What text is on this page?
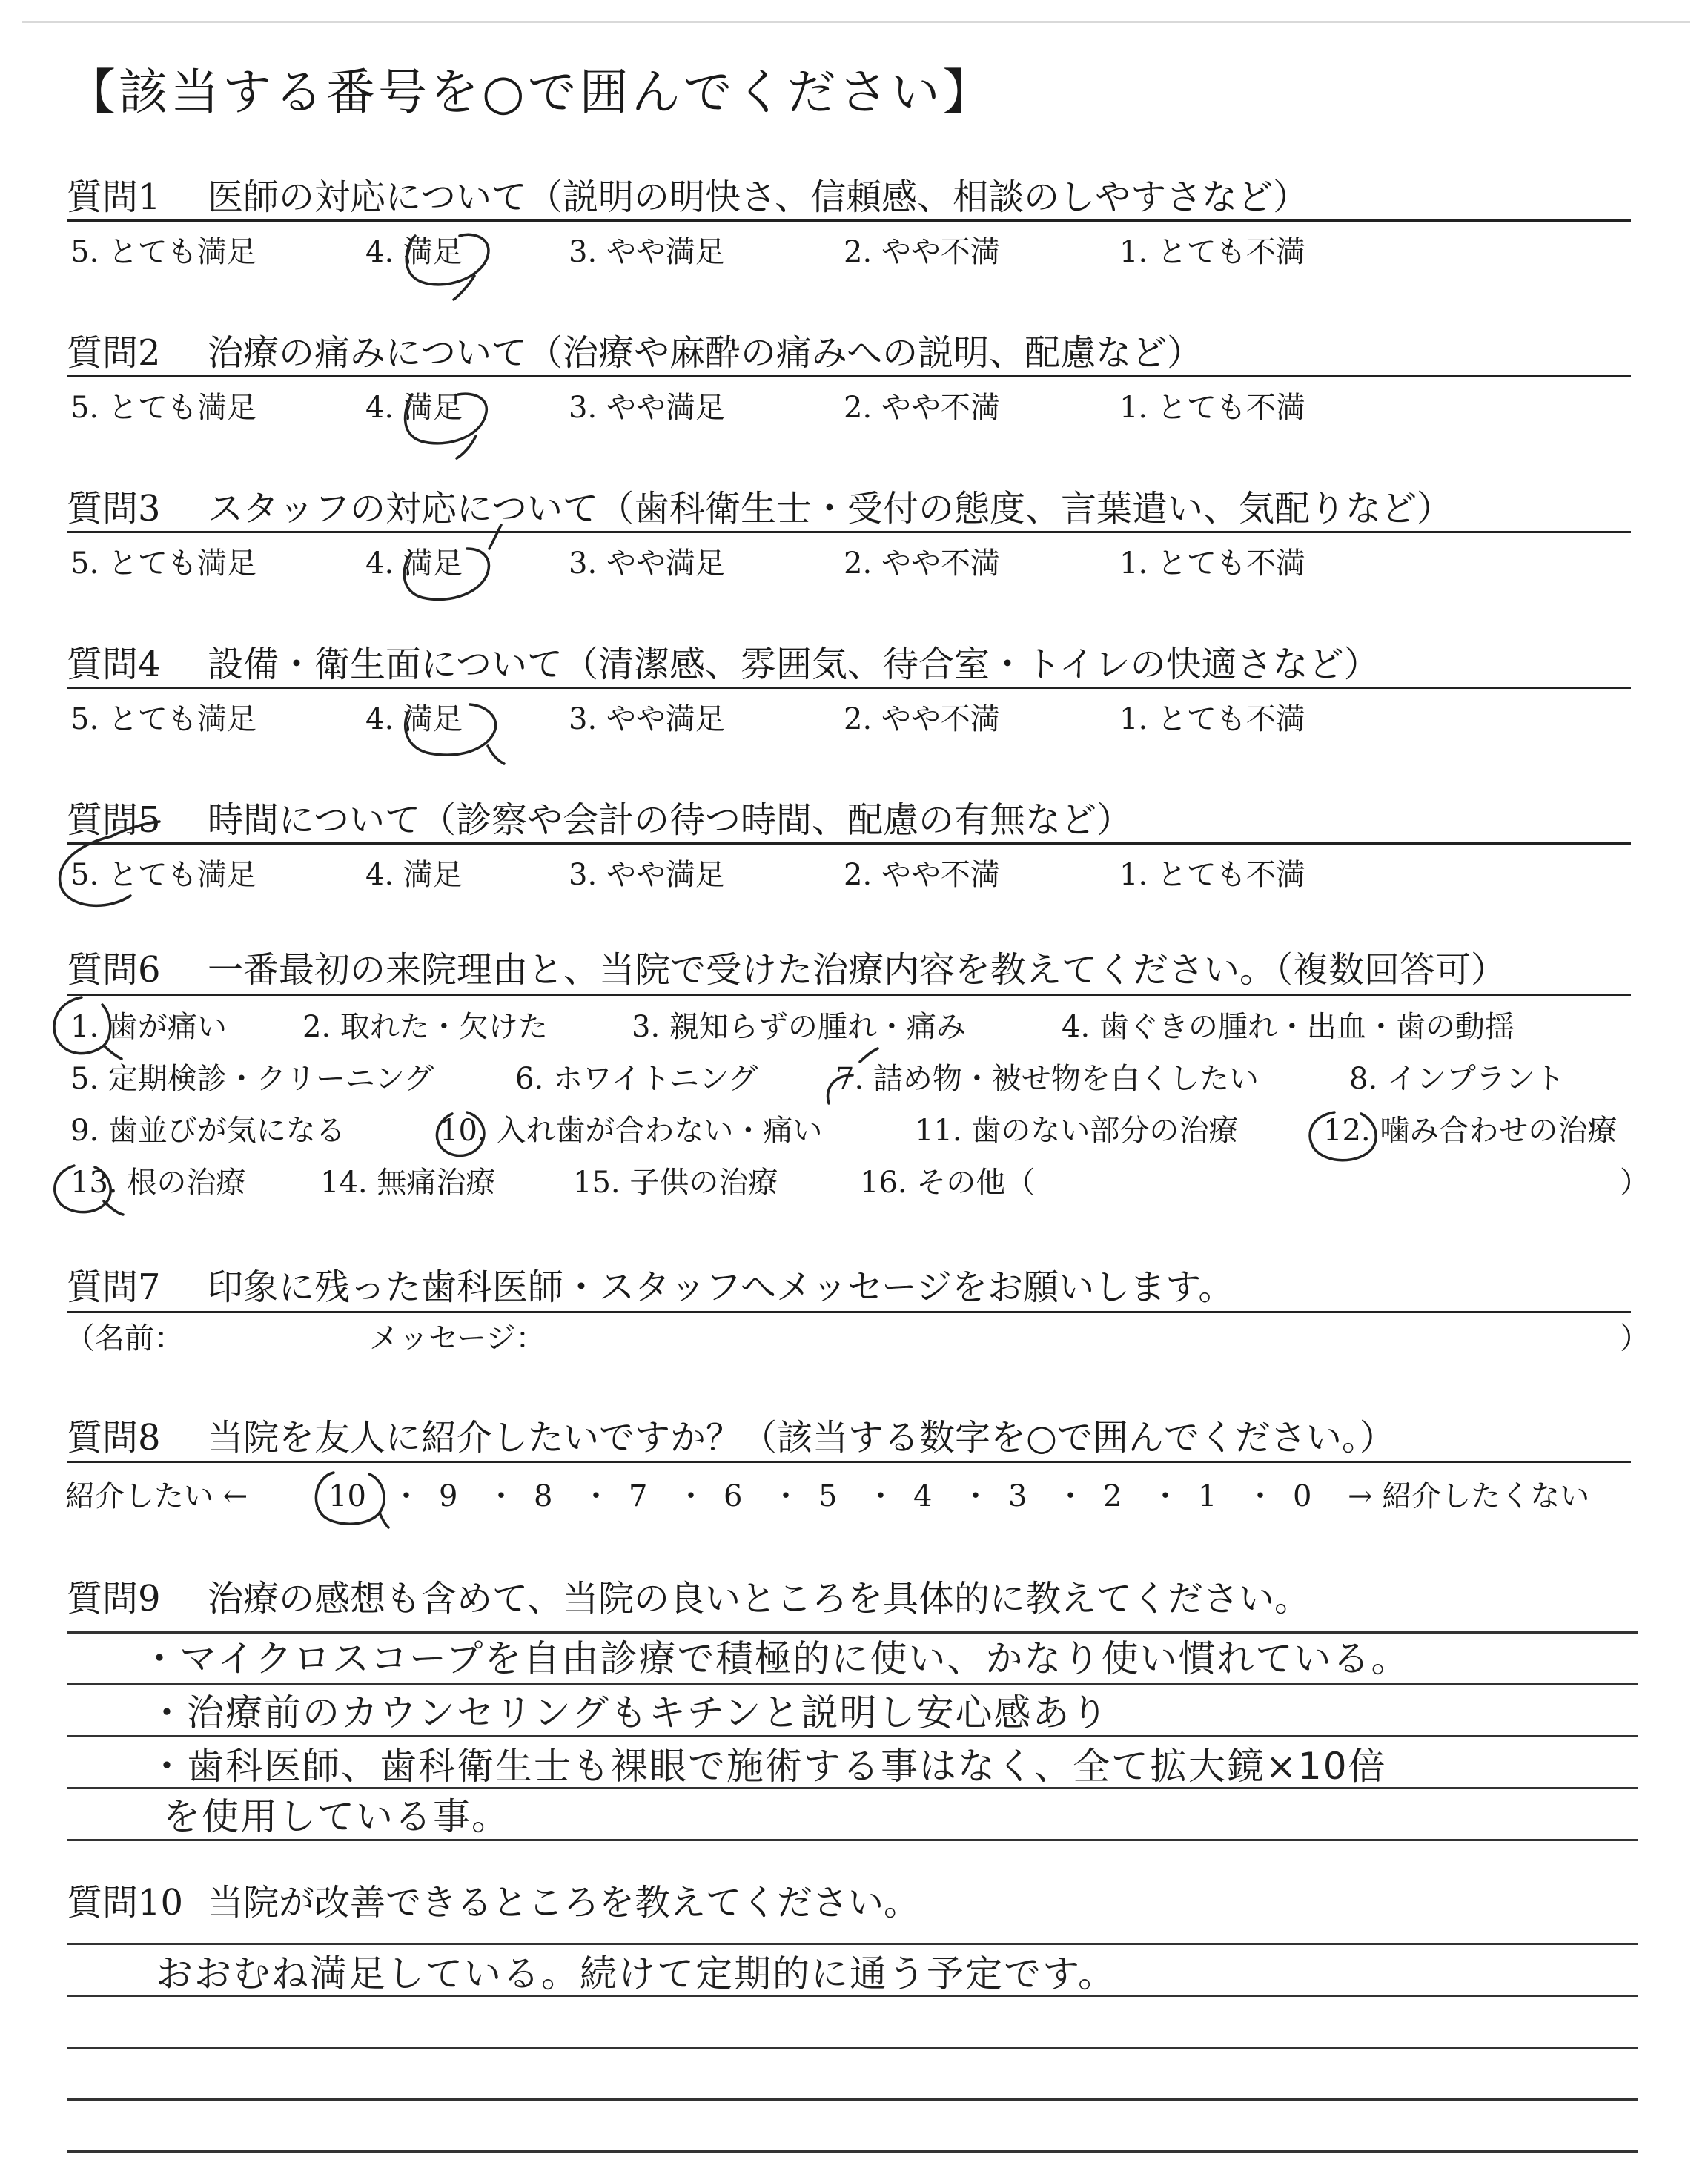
【該当する番号を○で囲んでください】
質問1 医師の対応について（説明の明快さ、信頼感、相談のしやすさなど）
5. とても満足	4. 満足	3. やや満足	2. やや不満	1. とても不満
質問2 治療の痛みについて（治療や麻酔の痛みへの説明、配慮など）
5. とても満足	4. 満足	3. やや満足	2. やや不満	1. とても不満
質問3 スタッフの対応について（歯科衛生士・受付の態度、言葉遣い、気配りなど）
5. とても満足	4. 満足	3. やや満足	2. やや不満	1. とても不満
質問4 設備・衛生面について（清潔感、雰囲気、待合室・トイレの快適さなど）
5. とても満足	4. 満足	3. やや満足	2. やや不満	1. とても不満
質問5 時間について（診察や会計の待つ時間、配慮の有無など）
5. とても満足	4. 満足	3. やや満足	2. やや不満	1. とても不満
質問6 一番最初の来院理由と、当院で受けた治療内容を教えてください。（複数回答可）
1. 歯が痛い	2. 取れた・欠けた	3. 親知らずの腫れ・痛み	4. 歯ぐきの腫れ・出血・歯の動揺
5. 定期検診・クリーニング	6. ホワイトニング	7. 詰め物・被せ物を白くしたい	8. インプラント
9. 歯並びが気になる	10. 入れ歯が合わない・痛い	11. 歯のない部分の治療	12. 噛み合わせの治療
13. 根の治療	14. 無痛治療	15. 子供の治療	16. その他（	）
質問7 印象に残った歯科医師・スタッフへメッセージをお願いします。
（名前：	メッセージ：	）
質問8 当院を友人に紹介したいですか？（該当する数字を○で囲んでください。）
紹介したい ←	10 ・ 9 ・ 8 ・ 7 ・ 6 ・ 5 ・ 4 ・ 3 ・ 2 ・ 1 ・ 0 → 紹介したくない
質問9 治療の感想も含めて、当院の良いところを具体的に教えてください。
・マイクロスコープを自由診療で積極的に使い、かなり使い慣れている。
・治療前のカウンセリングもキチンと説明し安心感あり
・歯科医師、歯科衛生士も裸眼で施術する事はなく、全て拡大鏡×10倍
を使用している事。
質問10 当院が改善できるところを教えてください。
おおむね満足している。続けて定期的に通う予定です。
